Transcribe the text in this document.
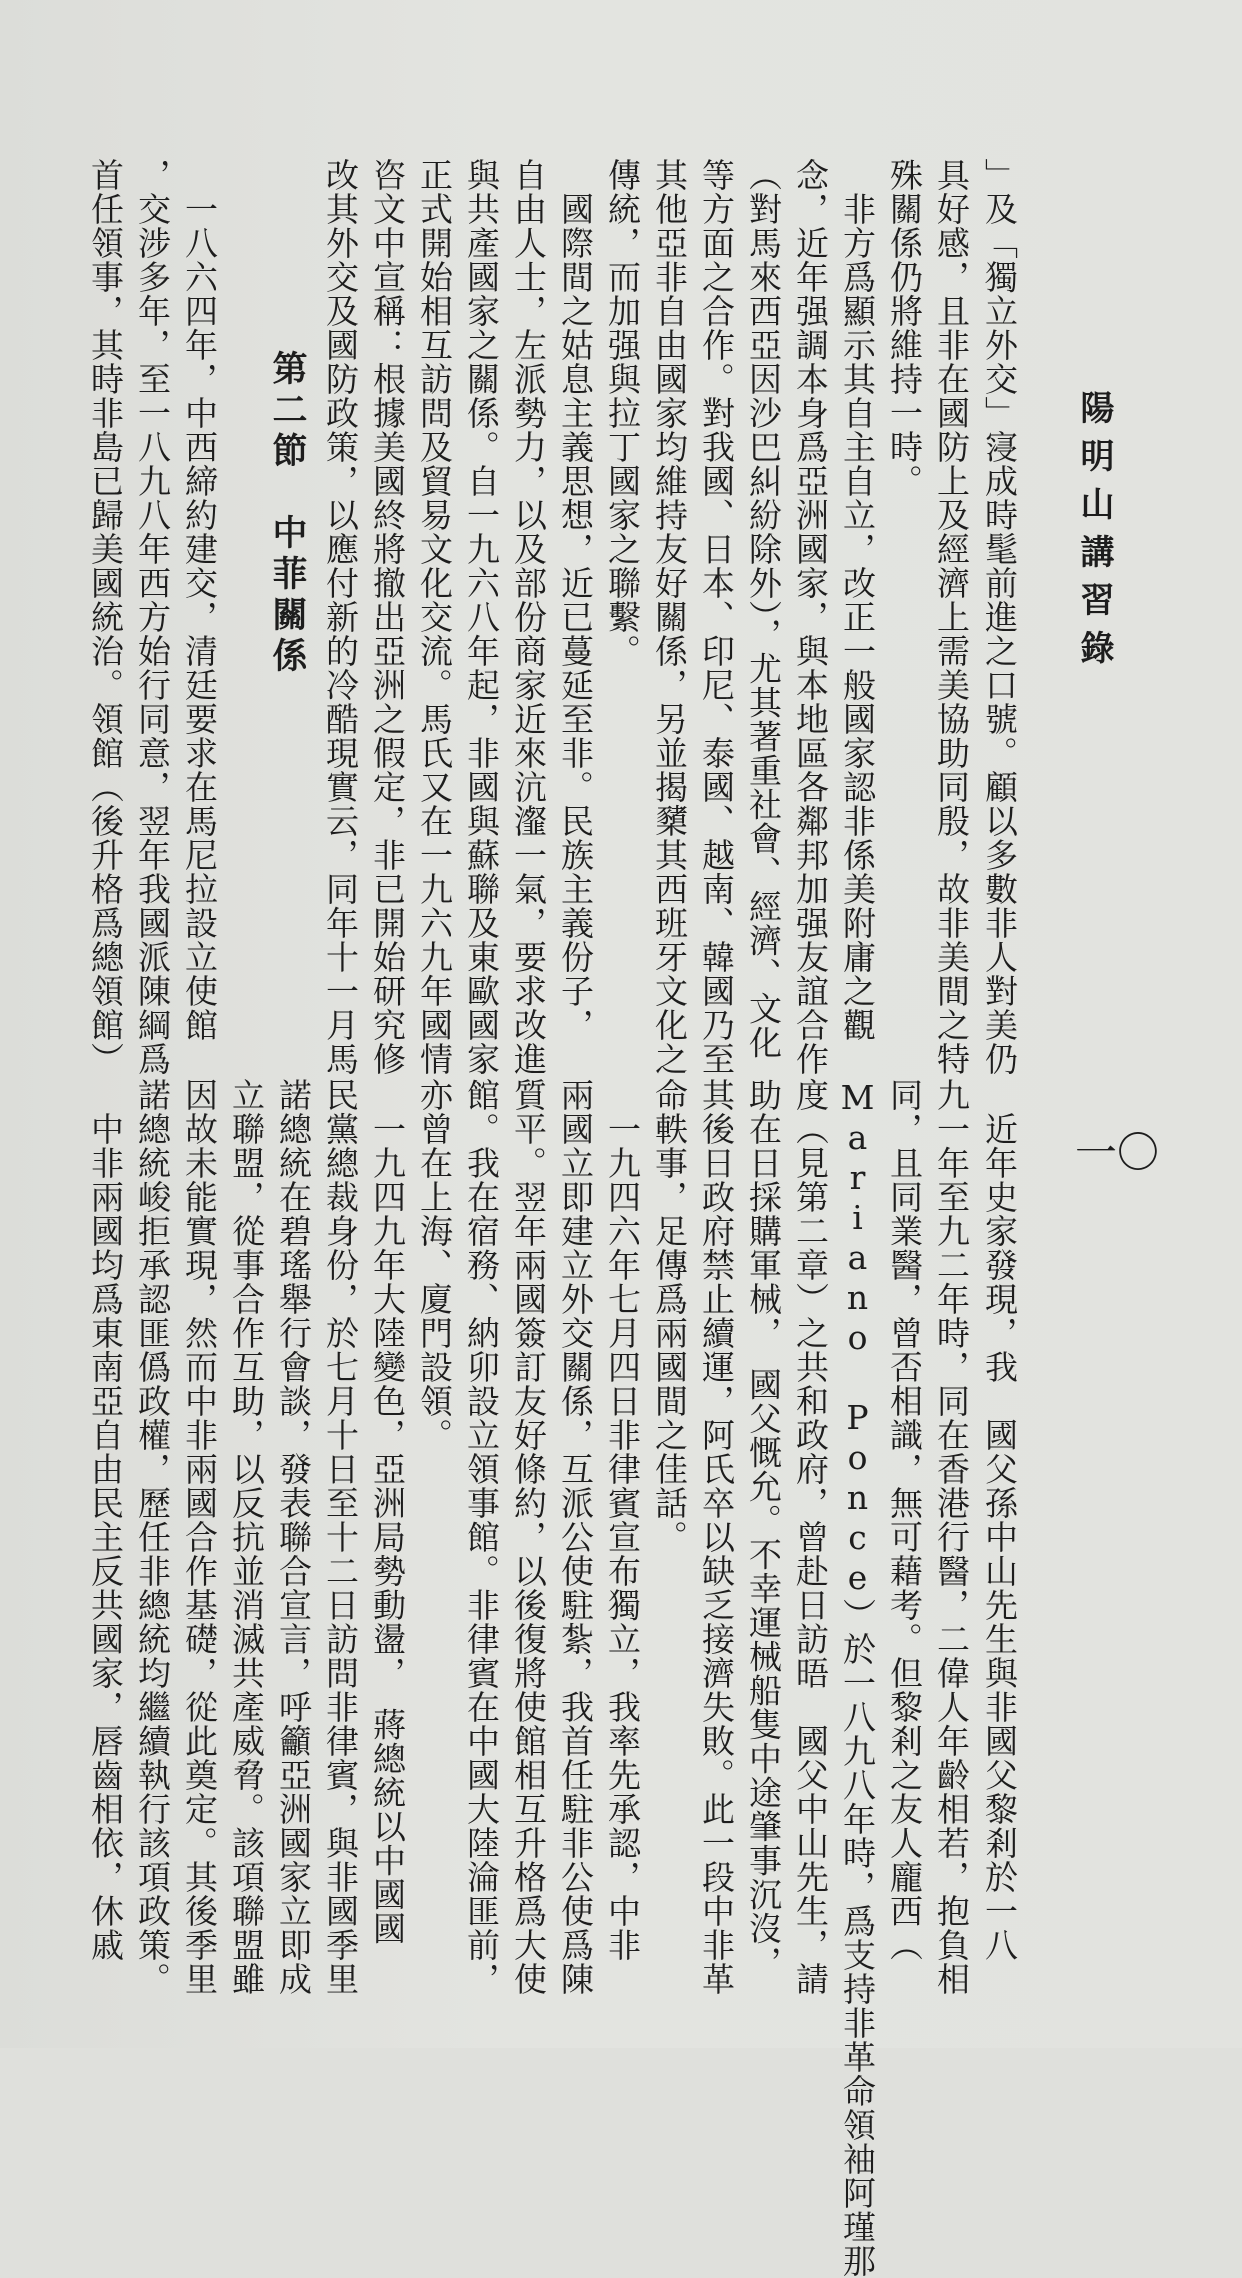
陽明山講習錄
一〇
」及「獨立外交」寖成時髦前進之口號。顧以多數非人對美仍
具好感，且非在國防上及經濟上需美協助同殷，故非美間之特
殊關係仍將維持一時。
　非方爲顯示其自主自立，改正一般國家認非係美附庸之觀
念，近年强調本身爲亞洲國家，與本地區各鄰邦加强友誼合作
（對馬來西亞因沙巴糾紛除外），尤其著重社會、經濟、文化
等方面之合作。對我國、日本、印尼、泰國、越南、韓國乃至
其他亞非自由國家均維持友好關係，另並揭櫫其西班牙文化之
傳統，而加强與拉丁國家之聯繫。
　國際間之姑息主義思想，近已蔓延至非。民族主義份子，
自由人士，左派勢力，以及部份商家近來沆瀣一氣，要求改進
與共產國家之關係。自一九六八年起，非國與蘇聯及東歐國家
正式開始相互訪問及貿易文化交流。馬氏又在一九六九年國情
咨文中宣稱：根據美國終將撤出亞洲之假定，非已開始研究修
改其外交及國防政策，以應付新的冷酷現實云，同年十一月馬
第二節　中菲關係
　一八六四年，中西締約建交，清廷要求在馬尼拉設立使館
，交涉多年，至一八九八年西方始行同意，翌年我國派陳綱爲
首任領事，其時非島已歸美國統治。領館（後升格爲總領館）
　近年史家發現，我　國父孫中山先生與非國父黎剎於一八
九一年至九二年時，同在香港行醫，二偉人年齡相若，抱負相
同，且同業醫，曾否相識，無可藉考。但黎剎之友人龐西（
Mariano Ponce）於一八九八年時，爲支持非革命領袖阿瑾那
度（見第二章）之共和政府，曾赴日訪晤　國父中山先生，請
助在日採購軍械，　國父慨允。不幸運械船隻中途肇事沉沒，
其後日政府禁止續運，阿氏卒以缺乏接濟失敗。此一段中非革
命軼事，足傳爲兩國間之佳話。
　一九四六年七月四日非律賓宣布獨立，我率先承認，中非
兩國立即建立外交關係，互派公使駐紮，我首任駐非公使爲陳
質平。翌年兩國簽訂友好條約，以後復將使館相互升格爲大使
館。我在宿務、納卯設立領事館。非律賓在中國大陸淪匪前，
亦曾在上海、廈門設領。
　一九四九年大陸變色，亞洲局勢動盪，　蔣總統以中國國
民黨總裁身份，於七月十日至十二日訪問非律賓，與非國季里
諾總統在碧瑤舉行會談，發表聯合宣言，呼籲亞洲國家立即成
立聯盟，從事合作互助，以反抗並消滅共產威脅。該項聯盟雖
因故未能實現，然而中非兩國合作基礎，從此奠定。其後季里
諾總統峻拒承認匪僞政權，歷任非總統均繼續執行該項政策。
　中非兩國均爲東南亞自由民主反共國家，唇齒相依，休戚
